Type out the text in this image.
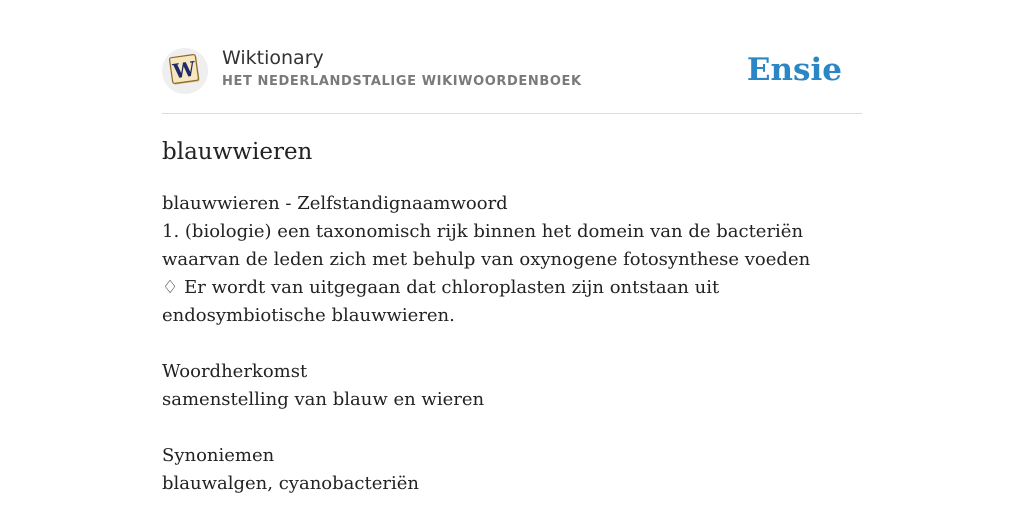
W Wiktionary
HET NEDERLANDSTALIGE WIKIWOORDENBOEK	Ensie
blauwwieren
blauwwieren - Zelfstandignaamwoord
1. (biologie) een taxonomisch rijk binnen het domein van de bacteriën waarvan de leden zich met behulp van oxynogene fotosynthese voeden
♢ Er wordt van uitgegaan dat chloroplasten zijn ontstaan uit endosymbiotische blauwwieren.
Woordherkomst
samenstelling van blauw en wieren
Synoniemen
blauwalgen, cyanobacteriën
